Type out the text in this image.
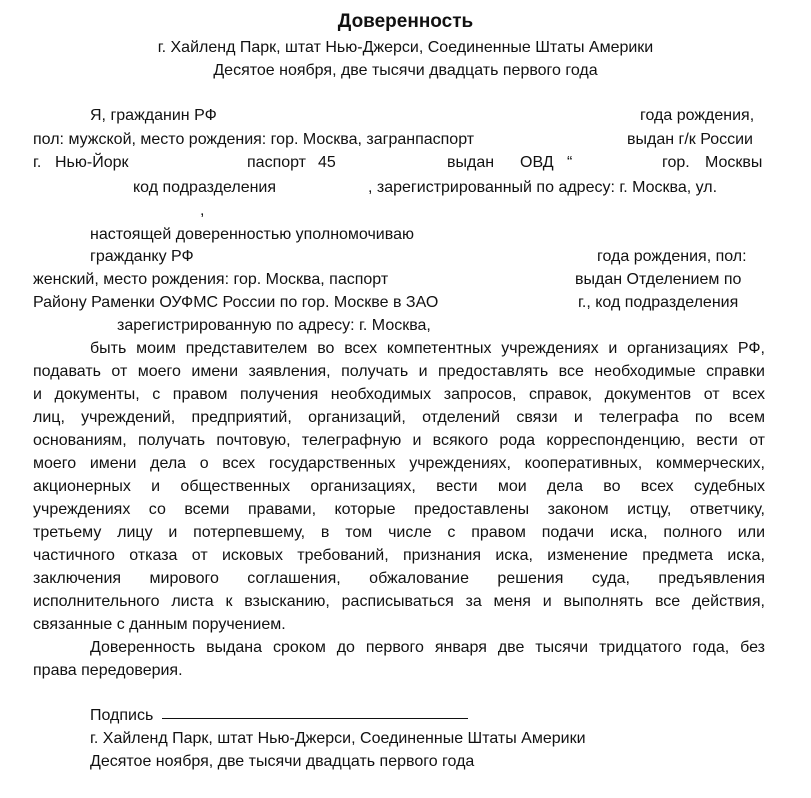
Доверенность
г. Хайленд Парк, штат Нью-Джерси, Соединенные Штаты Америки
Десятое ноября, две тысячи двадцать первого года
Я, гражданин РФ	года рождения,
пол: мужской, место рождения: гор. Москва, загранпаспорт	выдан г/к России
г. Нью-Йорк	паспорт 45	выдан ОВД “	гор. Москвы
код подразделения	, зарегистрированный по адресу: г. Москва, ул.
,
настоящей доверенностью уполномочиваю
гражданку РФ	года рождения, пол:
женский, место рождения: гор. Москва, паспорт	выдан Отделением по
Району Раменки ОУФМС России по гор. Москве в ЗАО	г., код подразделения
зарегистрированную по адресу: г. Москва,
быть моим представителем во всех компетентных учреждениях и организациях РФ,
подавать от моего имени заявления, получать и предоставлять все необходимые справки
и документы, с правом получения необходимых запросов, справок, документов от всех
лиц, учреждений, предприятий, организаций, отделений связи и телеграфа по всем
основаниям, получать почтовую, телеграфную и всякого рода корреспонденцию, вести от
моего имени дела о всех государственных учреждениях, кооперативных, коммерческих,
акционерных и общественных организациях, вести мои дела во всех судебных
учреждениях со всеми правами, которые предоставлены законом истцу, ответчику,
третьему лицу и потерпевшему, в том числе с правом подачи иска, полного или
частичного отказа от исковых требований, признания иска, изменение предмета иска,
заключения мирового соглашения, обжалование решения суда, предъявления
исполнительного листа к взысканию, расписываться за меня и выполнять все действия,
связанные с данным поручением.
Доверенность выдана сроком до первого января две тысячи тридцатого года, без
права передоверия.
Подпись
г. Хайленд Парк, штат Нью-Джерси, Соединенные Штаты Америки
Десятое ноября, две тысячи двадцать первого года
